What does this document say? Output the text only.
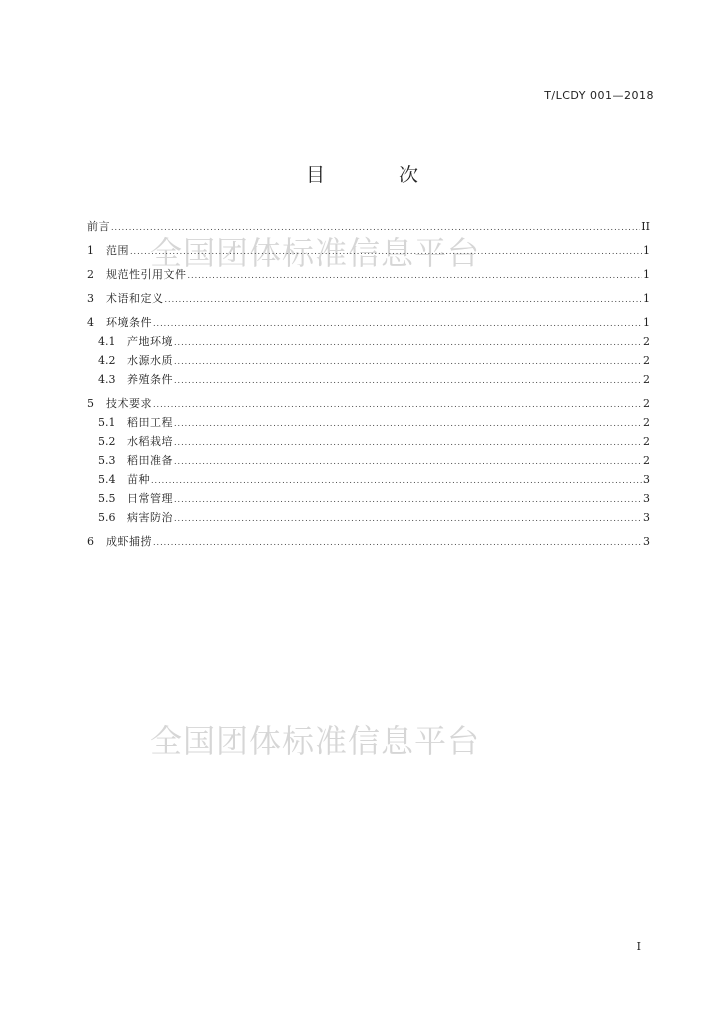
T/LCDY 001—2018
目 次
全国团体标准信息平台
全国团体标准信息平台
前言 .....	II
1	范围 .....	1
2	规范性引用文件 .....	1
3	术语和定义 .....	1
4	环境条件 .....	1
4.1	产地环境 .....	2
4.2	水源水质 .....	2
4.3	养殖条件 .....	2
5	技术要求 .....	2
5.1	稻田工程 .....	2
5.2	水稻栽培 .....	2
5.3	稻田准备 .....	2
5.4	苗种 .....	3
5.5	日常管理 .....	3
5.6	病害防治 .....	3
6	成虾捕捞 .....	3
I
